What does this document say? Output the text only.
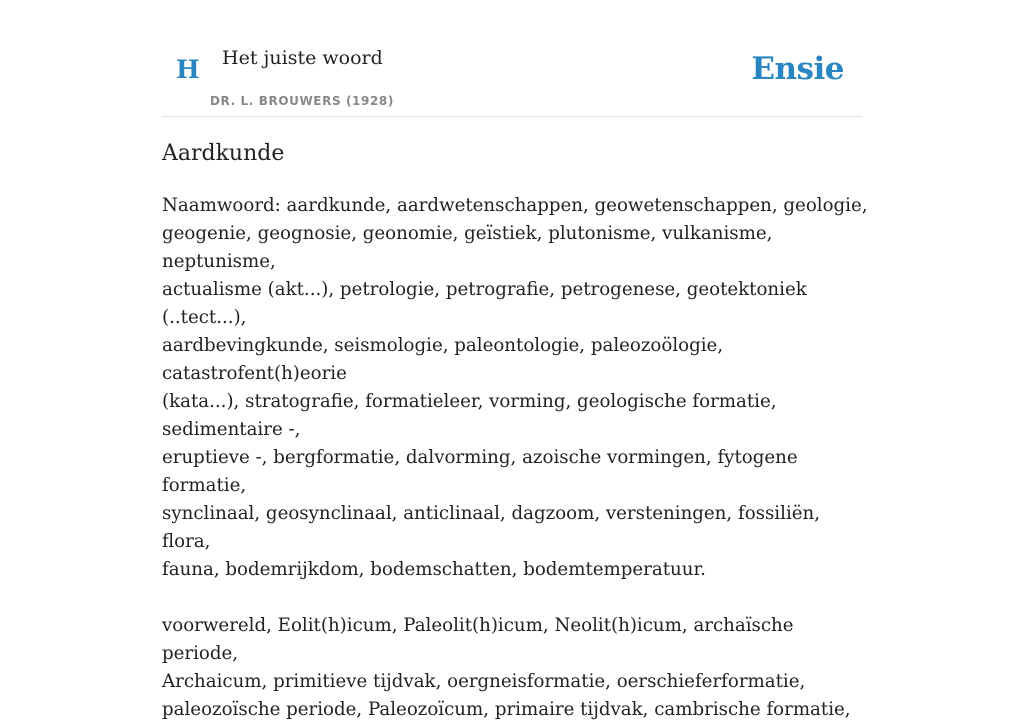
H Het juiste woord
DR. L. BROUWERS (1928)
Ensie
Aardkunde

Naamwoord: aardkunde, aardwetenschappen, geowetenschappen, geologie,
geogenie, geognosie, geonomie, geïstiek, plutonisme, vulkanisme, neptunisme,
actualisme (akt...), petrologie, petrografie, petrogenese, geotektoniek (..tect...),
aardbevingkunde, seismologie, paleontologie, paleozoölogie, catastrofent(h)eorie
(kata...), stratografie, formatieleer, vorming, geologische formatie, sedimentaire -,
eruptieve -, bergformatie, dalvorming, azoische vormingen, fytogene formatie,
synclinaal, geosynclinaal, anticlinaal, dagzoom, versteningen, fossiliën, flora,
fauna, bodemrijkdom, bodemschatten, bodemtemperatuur.

voorwereld, Eolit(h)icum, Paleolit(h)icum, Neolit(h)icum, archaïsche periode,
Archaicum, primitieve tijdvak, oergneisformatie, oerschieferformatie,
paleozoïsche periode, Paleozoïcum, primaire tijdvak, cambrische formatie,
